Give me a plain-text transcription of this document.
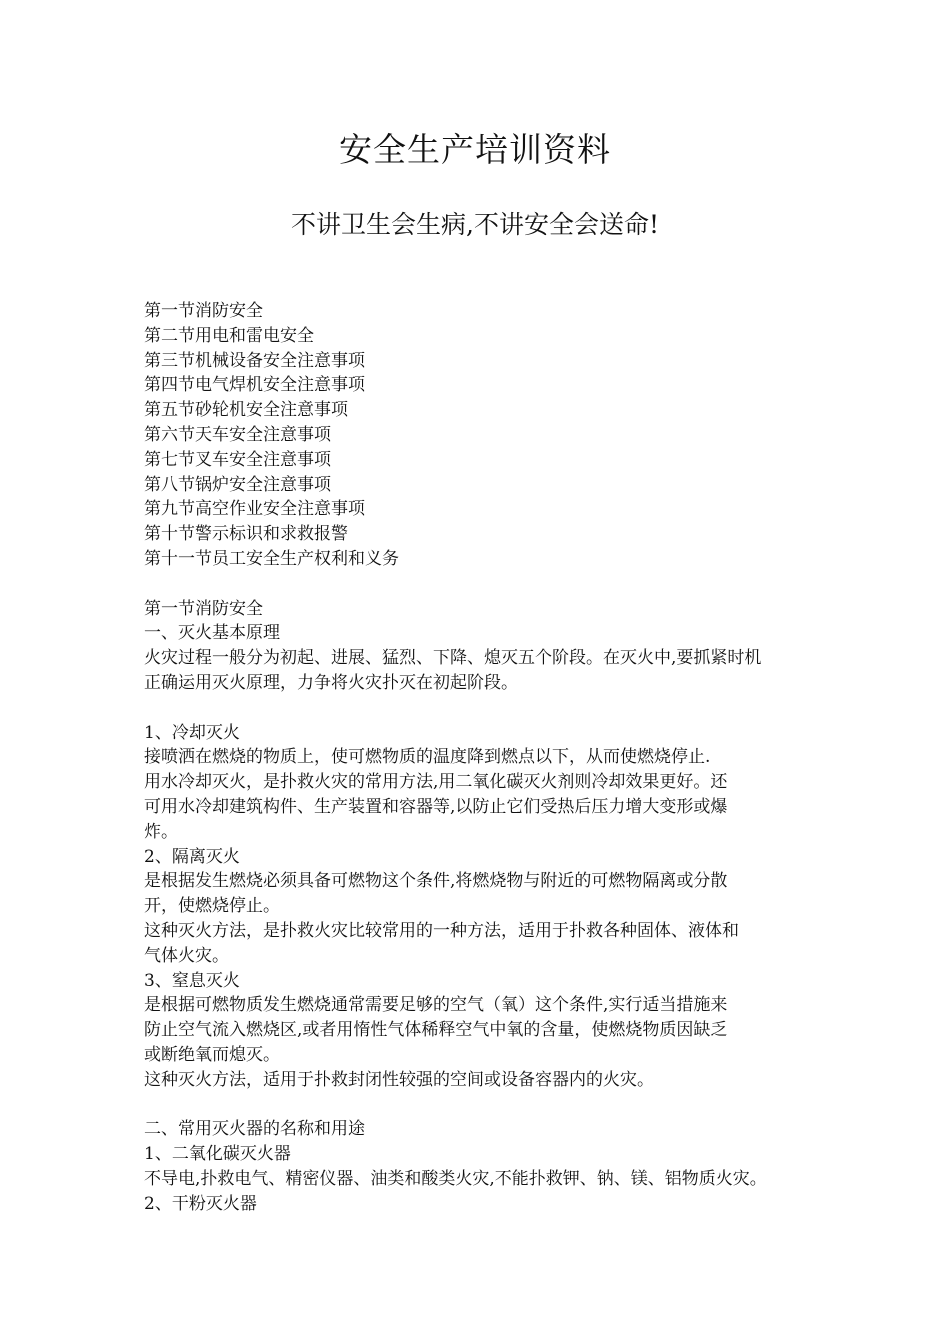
安全生产培训资料
不讲卫生会生病,不讲安全会送命!
第一节消防安全
第二节用电和雷电安全
第三节机械设备安全注意事项
第四节电气焊机安全注意事项
第五节砂轮机安全注意事项
第六节天车安全注意事项
第七节叉车安全注意事项
第八节锅炉安全注意事项
第九节高空作业安全注意事项
第十节警示标识和求救报警
第十一节员工安全生产权利和义务
第一节消防安全
一、灭火基本原理
火灾过程一般分为初起、进展、猛烈、下降、熄灭五个阶段。在灭火中,要抓紧时机
正确运用灭火原理，力争将火灾扑灭在初起阶段。
1、冷却灭火
接喷洒在燃烧的物质上，使可燃物质的温度降到燃点以下，从而使燃烧停止.
用水冷却灭火，是扑救火灾的常用方法,用二氧化碳灭火剂则冷却效果更好。还
可用水冷却建筑构件、生产装置和容器等,以防止它们受热后压力增大变形或爆
炸。
2、隔离灭火
是根据发生燃烧必须具备可燃物这个条件,将燃烧物与附近的可燃物隔离或分散
开，使燃烧停止。
这种灭火方法，是扑救火灾比较常用的一种方法，适用于扑救各种固体、液体和
气体火灾。
3、窒息灭火
是根据可燃物质发生燃烧通常需要足够的空气（氧）这个条件,实行适当措施来
防止空气流入燃烧区,或者用惰性气体稀释空气中氧的含量，使燃烧物质因缺乏
或断绝氧而熄灭。
这种灭火方法，适用于扑救封闭性较强的空间或设备容器内的火灾。
二、常用灭火器的名称和用途
1、二氧化碳灭火器
不导电,扑救电气、精密仪器、油类和酸类火灾,不能扑救钾、钠、镁、铝物质火灾。
2、干粉灭火器
